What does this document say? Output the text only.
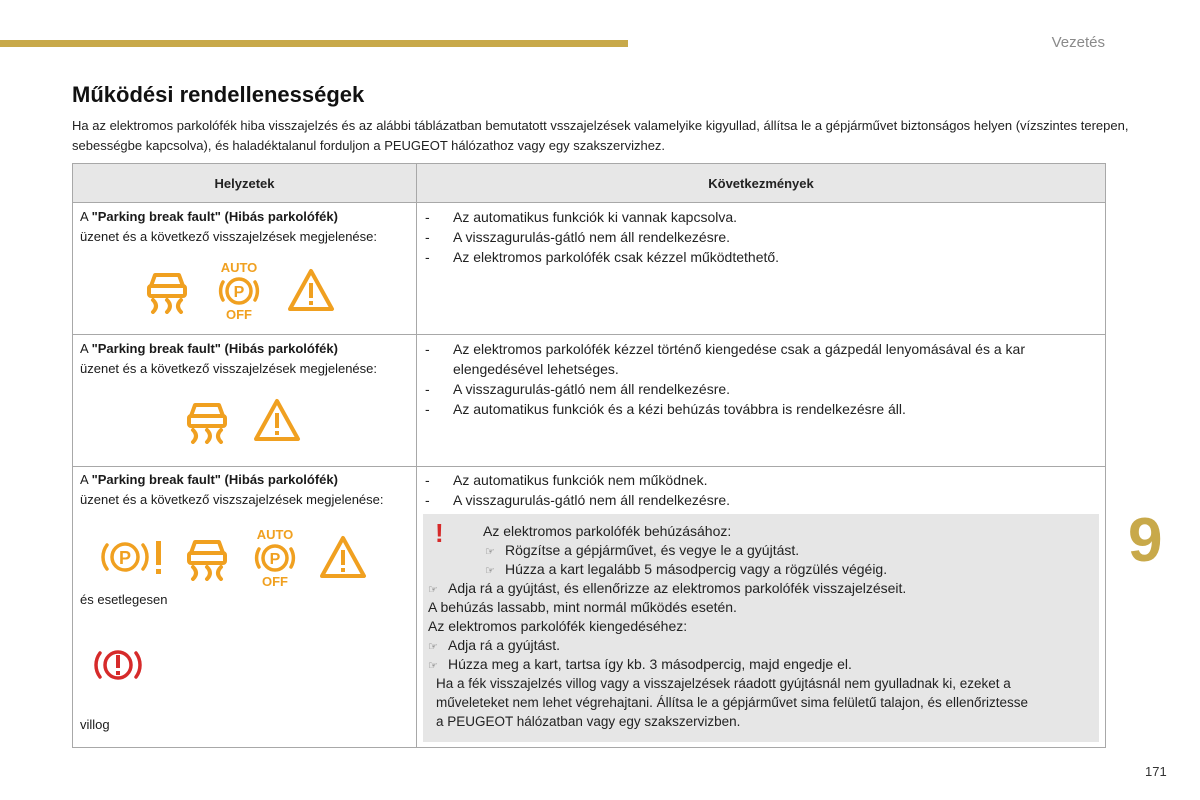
Vezetés
Működési rendellenességek
Ha az elektromos parkolófék hiba visszajelzés és az alábbi táblázatban bemutatott vsszajelzések valamelyike kigyullad, állítsa le a gépjárművet biztonságos helyen (vízszintes terepen, sebességbe kapcsolva), és haladéktalanul forduljon a PEUGEOT hálózathoz vagy egy szakszervizhez.
Helyzetek	Következmények
A "Parking break fault" (Hibás parkolófék)
üzenet és a következő visszajelzések megjelenése:
AUTO
P
OFF
- Az automatikus funkciók ki vannak kapcsolva.
- A visszagurulás-gátló nem áll rendelkezésre.
- Az elektromos parkolófék csak kézzel működtethető.
A "Parking break fault" (Hibás parkolófék)
üzenet és a következő visszajelzések megjelenése:
- Az elektromos parkolófék kézzel történő kiengedése csak a gázpedál lenyomásával és a kar elengedésével lehetséges.
- A visszagurulás-gátló nem áll rendelkezésre.
- Az automatikus funkciók és a kézi behúzás továbbra is rendelkezésre áll.
A "Parking break fault" (Hibás parkolófék)
üzenet és a következő viszszajelzések megjelenése:
P
AUTO
P
OFF
és esetlegesen
villog
- Az automatikus funkciók nem működnek.
- A visszagurulás-gátló nem áll rendelkezésre.
!	Az elektromos parkolófék behúzásához:
☞ Rögzítse a gépjárművet, és vegye le a gyújtást.
☞ Húzza a kart legalább 5 másodpercig vagy a rögzülés végéig.
☞ Adja rá a gyújtást, és ellenőrizze az elektromos parkolófék visszajelzéseit.
A behúzás lassabb, mint normál működés esetén.
Az elektromos parkolófék kiengedéséhez:
☞ Adja rá a gyújtást.
☞ Húzza meg a kart, tartsa így kb. 3 másodpercig, majd engedje el.
Ha a fék visszajelzés villog vagy a visszajelzések ráadott gyújtásnál nem gyulladnak ki, ezeket a
műveleteket nem lehet végrehajtani. Állítsa le a gépjárművet sima felületű talajon, és ellenőriztesse
a PEUGEOT hálózatban vagy egy szakszervizben.
9
171
